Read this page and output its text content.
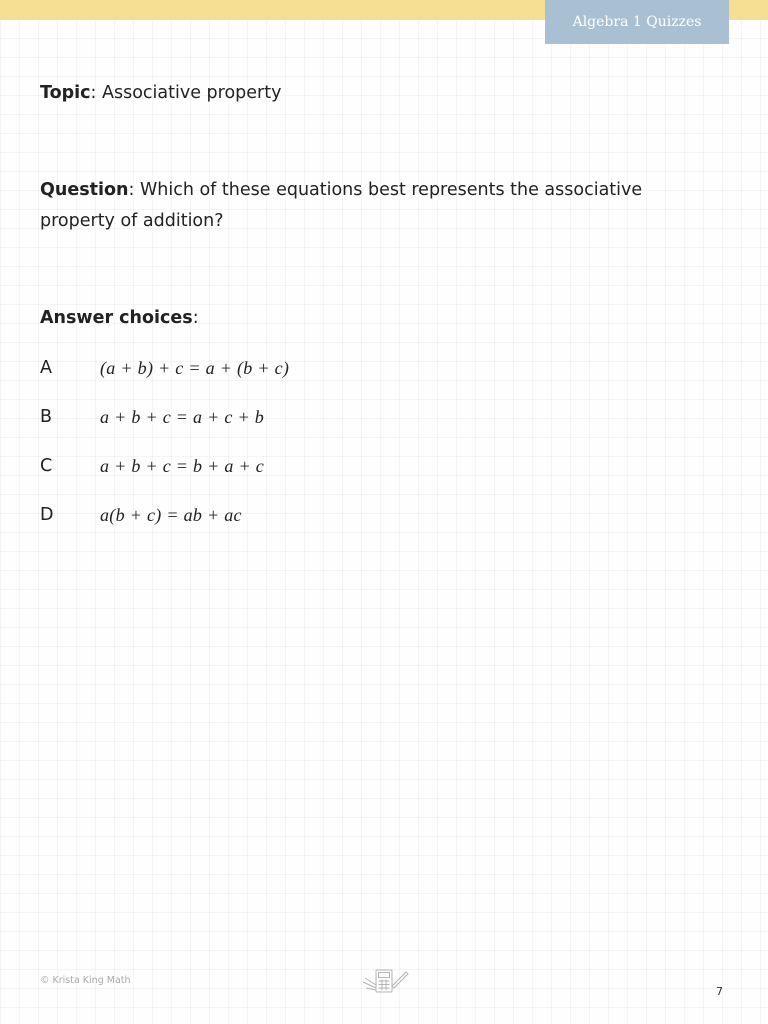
Algebra 1 Quizzes
Topic: Associative property
Question: Which of these equations best represents the associative property of addition?
Answer choices:
A	(a + b) + c = a + (b + c)
B	a + b + c = a + c + b
C	a + b + c = b + a + c
D	a(b + c) = ab + ac
© Krista King Math
7
